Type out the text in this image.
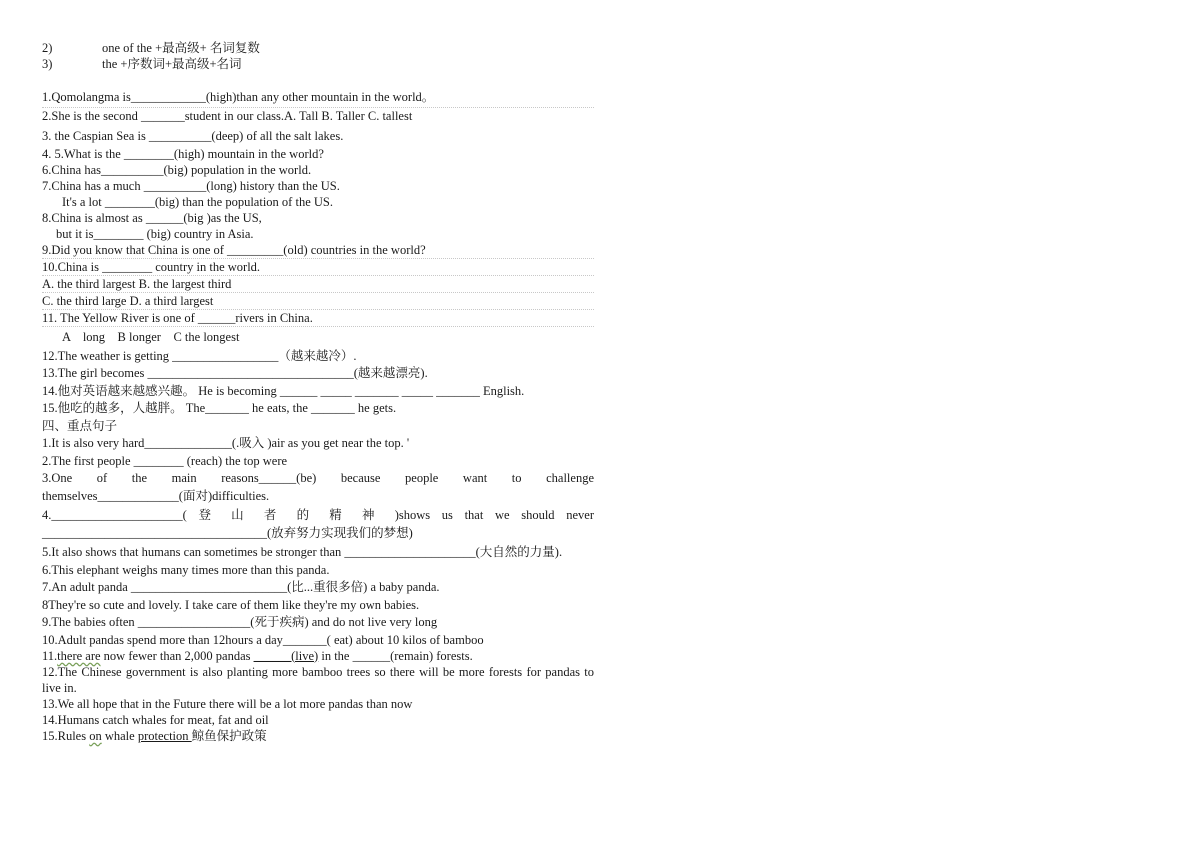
2)	one of the +最高级+ 名词复数
3)	the +序数词+最高级+名词
1.Qomolangma is____________(high)than any other mountain in the world。
2.She is the second _______student in our class.A. Tall B. Taller C. tallest
3. the Caspian Sea is __________(deep) of all the salt lakes.
4. 5.What is the ________(high) mountain in the world?
6.China has__________(big) population in the world.
7.China has a much __________(long) history than the US.
It's a lot ________(big) than the population of the US.
8.China is almost as ______(big )as the US,
but it is________ (big) country in Asia.
9.Did you know that China is one of _________(old) countries in the world?
10.China is ________ country in the world.
A. the third largest B. the largest third
C. the third large D. a third largest
11. The Yellow River is one of ______rivers in China.
A    long    B longer    C the longest
12.The weather is getting _________________（越来越冷）.
13.The girl becomes _________________________________(越来越漂亮).
14.他对英语越来越感兴趣。 He is becoming ______ _____ _______ _____ _______ English.
15.他吃的越多，人越胖。 The_______ he eats, the _______ he gets.
四、重点句子
1.It is also very hard______________(.吸入 )air as you get near the top. '
2.The first people ________ (reach) the top were
3.One of the main reasons______(be) because people want to challenge
themselves_____________(面对)difficulties.
4._____________________( 登 山 者 的 精 神 )shows us that we should never
____________________________________(放弃努力实现我们的梦想)
5.It also shows that humans can sometimes be stronger than _____________________(大自然的力量).
6.This elephant weighs many times more than this panda.
7.An adult panda _________________________(比...重很多倍) a baby panda.
8They're so cute and lovely. I take care of them like they're my own babies.
9.The babies often __________________(死于疾病) and do not live very long
10.Adult pandas spend more than 12hours a day_______( eat) about 10 kilos of bamboo
11.there are now fewer than 2,000 pandas ______(live) in the ______(remain) forests.
12.The Chinese government is also planting more bamboo trees so there will be more forests for pandas to live in.
13.We all hope that in the Future there will be a lot more pandas than now
14.Humans catch whales for meat, fat and oil
15.Rules on whale protection 鲸鱼保护政策
